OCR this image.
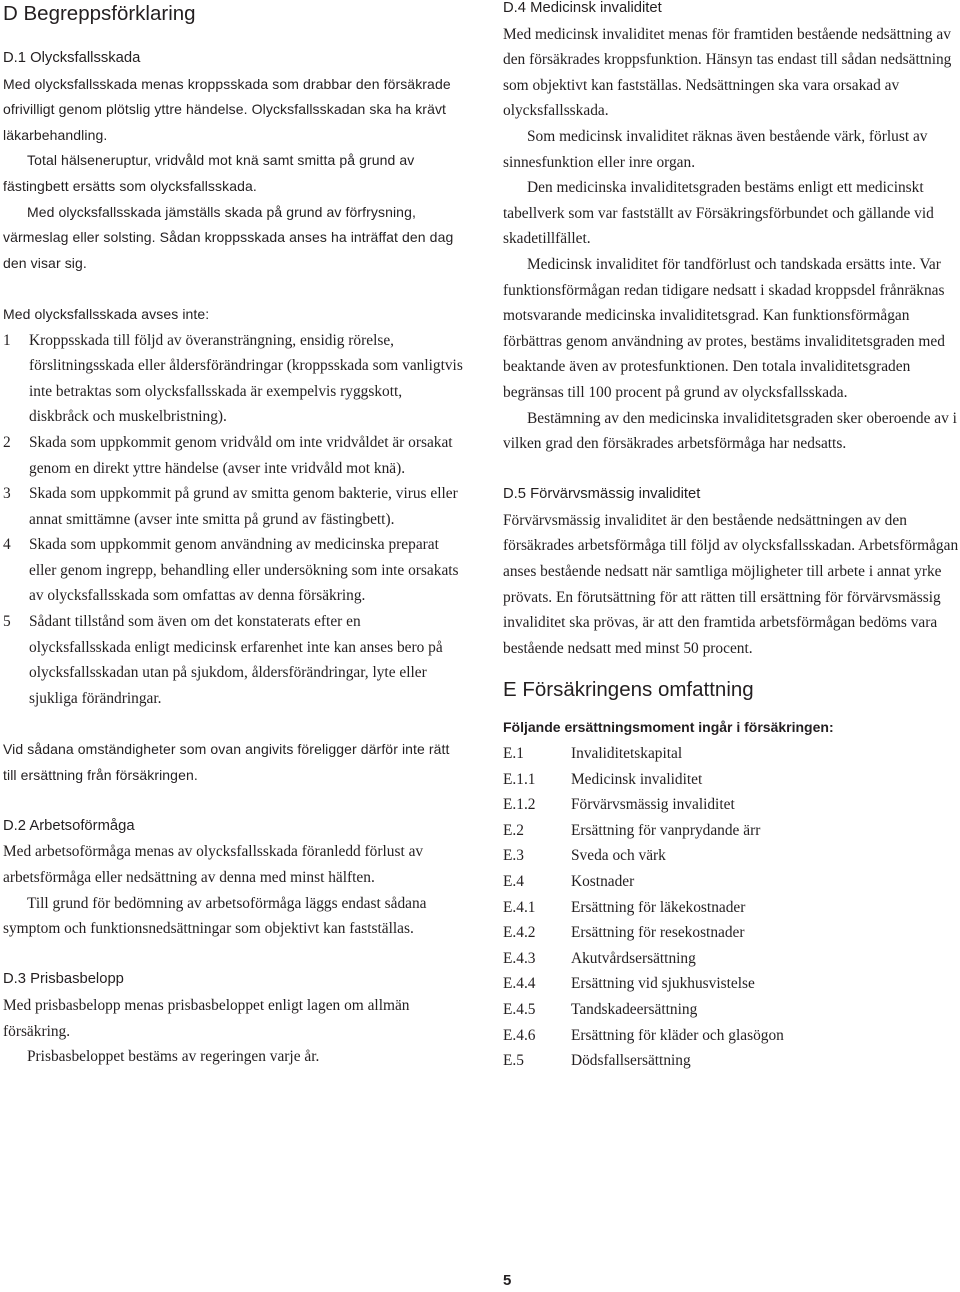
D Begreppsförklaring
D.1 Olycksfallsskada

Med olycksfallsskada menas kroppsskada som drabbar den försäkrade ofrivilligt genom plötslig yttre händelse. Olycksfallsskadan ska ha krävt läkarbehandling.

Total hälseneruptur, vridvåld mot knä samt smitta på grund av fästingbett ersätts som olycksfallsskada.

Med olycksfallsskada jämställs skada på grund av förfrysning, värmeslag eller solsting. Sådan kroppsskada anses ha inträffat den dag den visar sig.

Med olycksfallsskada avses inte:

1 Kroppsskada till följd av överansträngning, ensidig rörelse, förslitningsskada eller åldersförändringar (kroppsskada som vanligtvis inte betraktas som olycksfallsskada är exempelvis ryggskott, diskbråck och muskelbristning).
2 Skada som uppkommit genom vridvåld om inte vridvåldet är orsakat genom en direkt yttre händelse (avser inte vridvåld mot knä).
3 Skada som uppkommit på grund av smitta genom bakterie, virus eller annat smittämne (avser inte smitta på grund av fästingbett).
4 Skada som uppkommit genom användning av medicinska preparat eller genom ingrepp, behandling eller undersökning som inte orsakats av olycksfallsskada som omfattas av denna försäkring.
5 Sådant tillstånd som även om det konstaterats efter en olycksfallsskada enligt medicinsk erfarenhet inte kan anses bero på olycksfallsskadan utan på sjukdom, åldersförändringar, lyte eller sjukliga förändringar.

Vid sådana omständigheter som ovan angivits föreligger därför inte rätt till ersättning från försäkringen.

D.2 Arbetsoförmåga

Med arbetsoförmåga menas av olycksfallsskada föranledd förlust av arbetsförmåga eller nedsättning av denna med minst hälften.

Till grund för bedömning av arbetsoförmåga läggs endast sådana symptom och funktionsnedsättningar som objektivt kan fastställas.

D.3 Prisbasbelopp

Med prisbasbelopp menas prisbasbeloppet enligt lagen om allmän försäkring.

Prisbasbeloppet bestäms av regeringen varje år.

D.4 Medicinsk invaliditet

Med medicinsk invaliditet menas för framtiden bestående nedsättning av den försäkrades kroppsfunktion. Hänsyn tas endast till sådan nedsättning som objektivt kan fastställas. Nedsättningen ska vara orsakad av olycksfallsskada.

Som medicinsk invaliditet räknas även bestående värk, förlust av sinnesfunktion eller inre organ.

Den medicinska invaliditetsgraden bestäms enligt ett medicinskt tabellverk som var fastställt av Försäkringsförbundet och gällande vid skadetillfället.

Medicinsk invaliditet för tandförlust och tandskada ersätts inte. Var funktionsförmågan redan tidigare nedsatt i skadad kroppsdel frånräknas motsvarande medicinska invaliditetsgrad. Kan funktionsförmågan förbättras genom användning av protes, bestäms invaliditetsgraden med beaktande även av protesfunktionen. Den totala invaliditetsgraden begränsas till 100 procent på grund av olycksfallsskada.

Bestämning av den medicinska invaliditetsgraden sker oberoende av i vilken grad den försäkrades arbetsförmåga har nedsatts.

D.5 Förvärvsmässig invaliditet

Förvärvsmässig invaliditet är den bestående nedsättningen av den försäkrades arbetsförmåga till följd av olycksfallsskadan. Arbetsförmågan anses bestående nedsatt när samtliga möjligheter till arbete i annat yrke prövats. En förutsättning för att rätten till ersättning för förvärvsmässig invaliditet ska prövas, är att den framtida arbetsförmågan bedöms vara bestående nedsatt med minst 50 procent.

E Försäkringens omfattning
Följande ersättningsmoment ingår i försäkringen:
E.1	Invaliditetskapital
E.1.1	Medicinsk invaliditet
E.1.2	Förvärvsmässig invaliditet
E.2	Ersättning för vanprydande ärr
E.3	Sveda och värk
E.4	Kostnader
E.4.1	Ersättning för läkekostnader
E.4.2	Ersättning för resekostnader
E.4.3	Akutvårdsersättning
E.4.4	Ersättning vid sjukhusvistelse
E.4.5	Tandskadeersättning
E.4.6	Ersättning för kläder och glasögon
E.5	Dödsfallsersättning
5
